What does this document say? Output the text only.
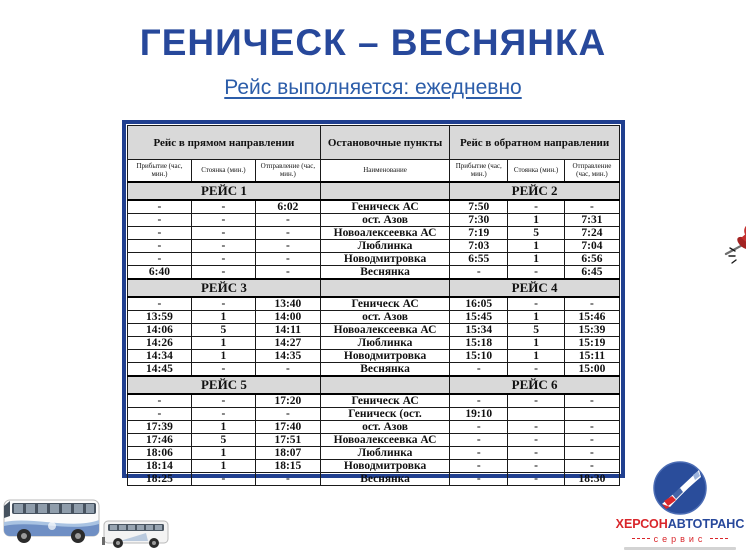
ГЕНИЧЕСК – ВЕСНЯНКА
Рейс выполняется: ежедневно
Рейс в прямом направлении			Остановочные пункты	Рейс в обратном направлении		
Прибытие (час, мин.)	Стоянка (мин.)	Отправление (час, мин.)	Наименование	Прибытие (час, мин.)	Стоянка (мин.)	Отправление (час, мин.)
РЕЙС 1				РЕЙС 2		
-	-	6:02	Геническ АС	7:50	-	-
-	-	-	ост. Азов	7:30	1	7:31
-	-	-	Новоалексеевка АС	7:19	5	7:24
-	-	-	Люблинка	7:03	1	7:04
-	-	-	Новодмитровка	6:55	1	6:56
6:40	-	-	Веснянка	-	-	6:45
РЕЙС 3				РЕЙС 4		
-	-	13:40	Геническ АС	16:05	-	-
13:59	1	14:00	ост. Азов	15:45	1	15:46
14:06	5	14:11	Новоалексеевка АС	15:34	5	15:39
14:26	1	14:27	Люблинка	15:18	1	15:19
14:34	1	14:35	Новодмитровка	15:10	1	15:11
14:45	-	-	Веснянка	-	-	15:00
РЕЙС 5				РЕЙС 6		
-	-	17:20	Геническ АС	-	-	-
-	-	-	Геническ (ост.	19:10		
17:39	1	17:40	ост. Азов	-	-	-
17:46	5	17:51	Новоалексеевка АС	-	-	-
18:06	1	18:07	Люблинка	-	-	-
18:14	1	18:15	Новодмитровка	-	-	-
18:25	-	-	Веснянка	-	-	18:30
ХЕРСОНАВТОТРАНС
сервис
